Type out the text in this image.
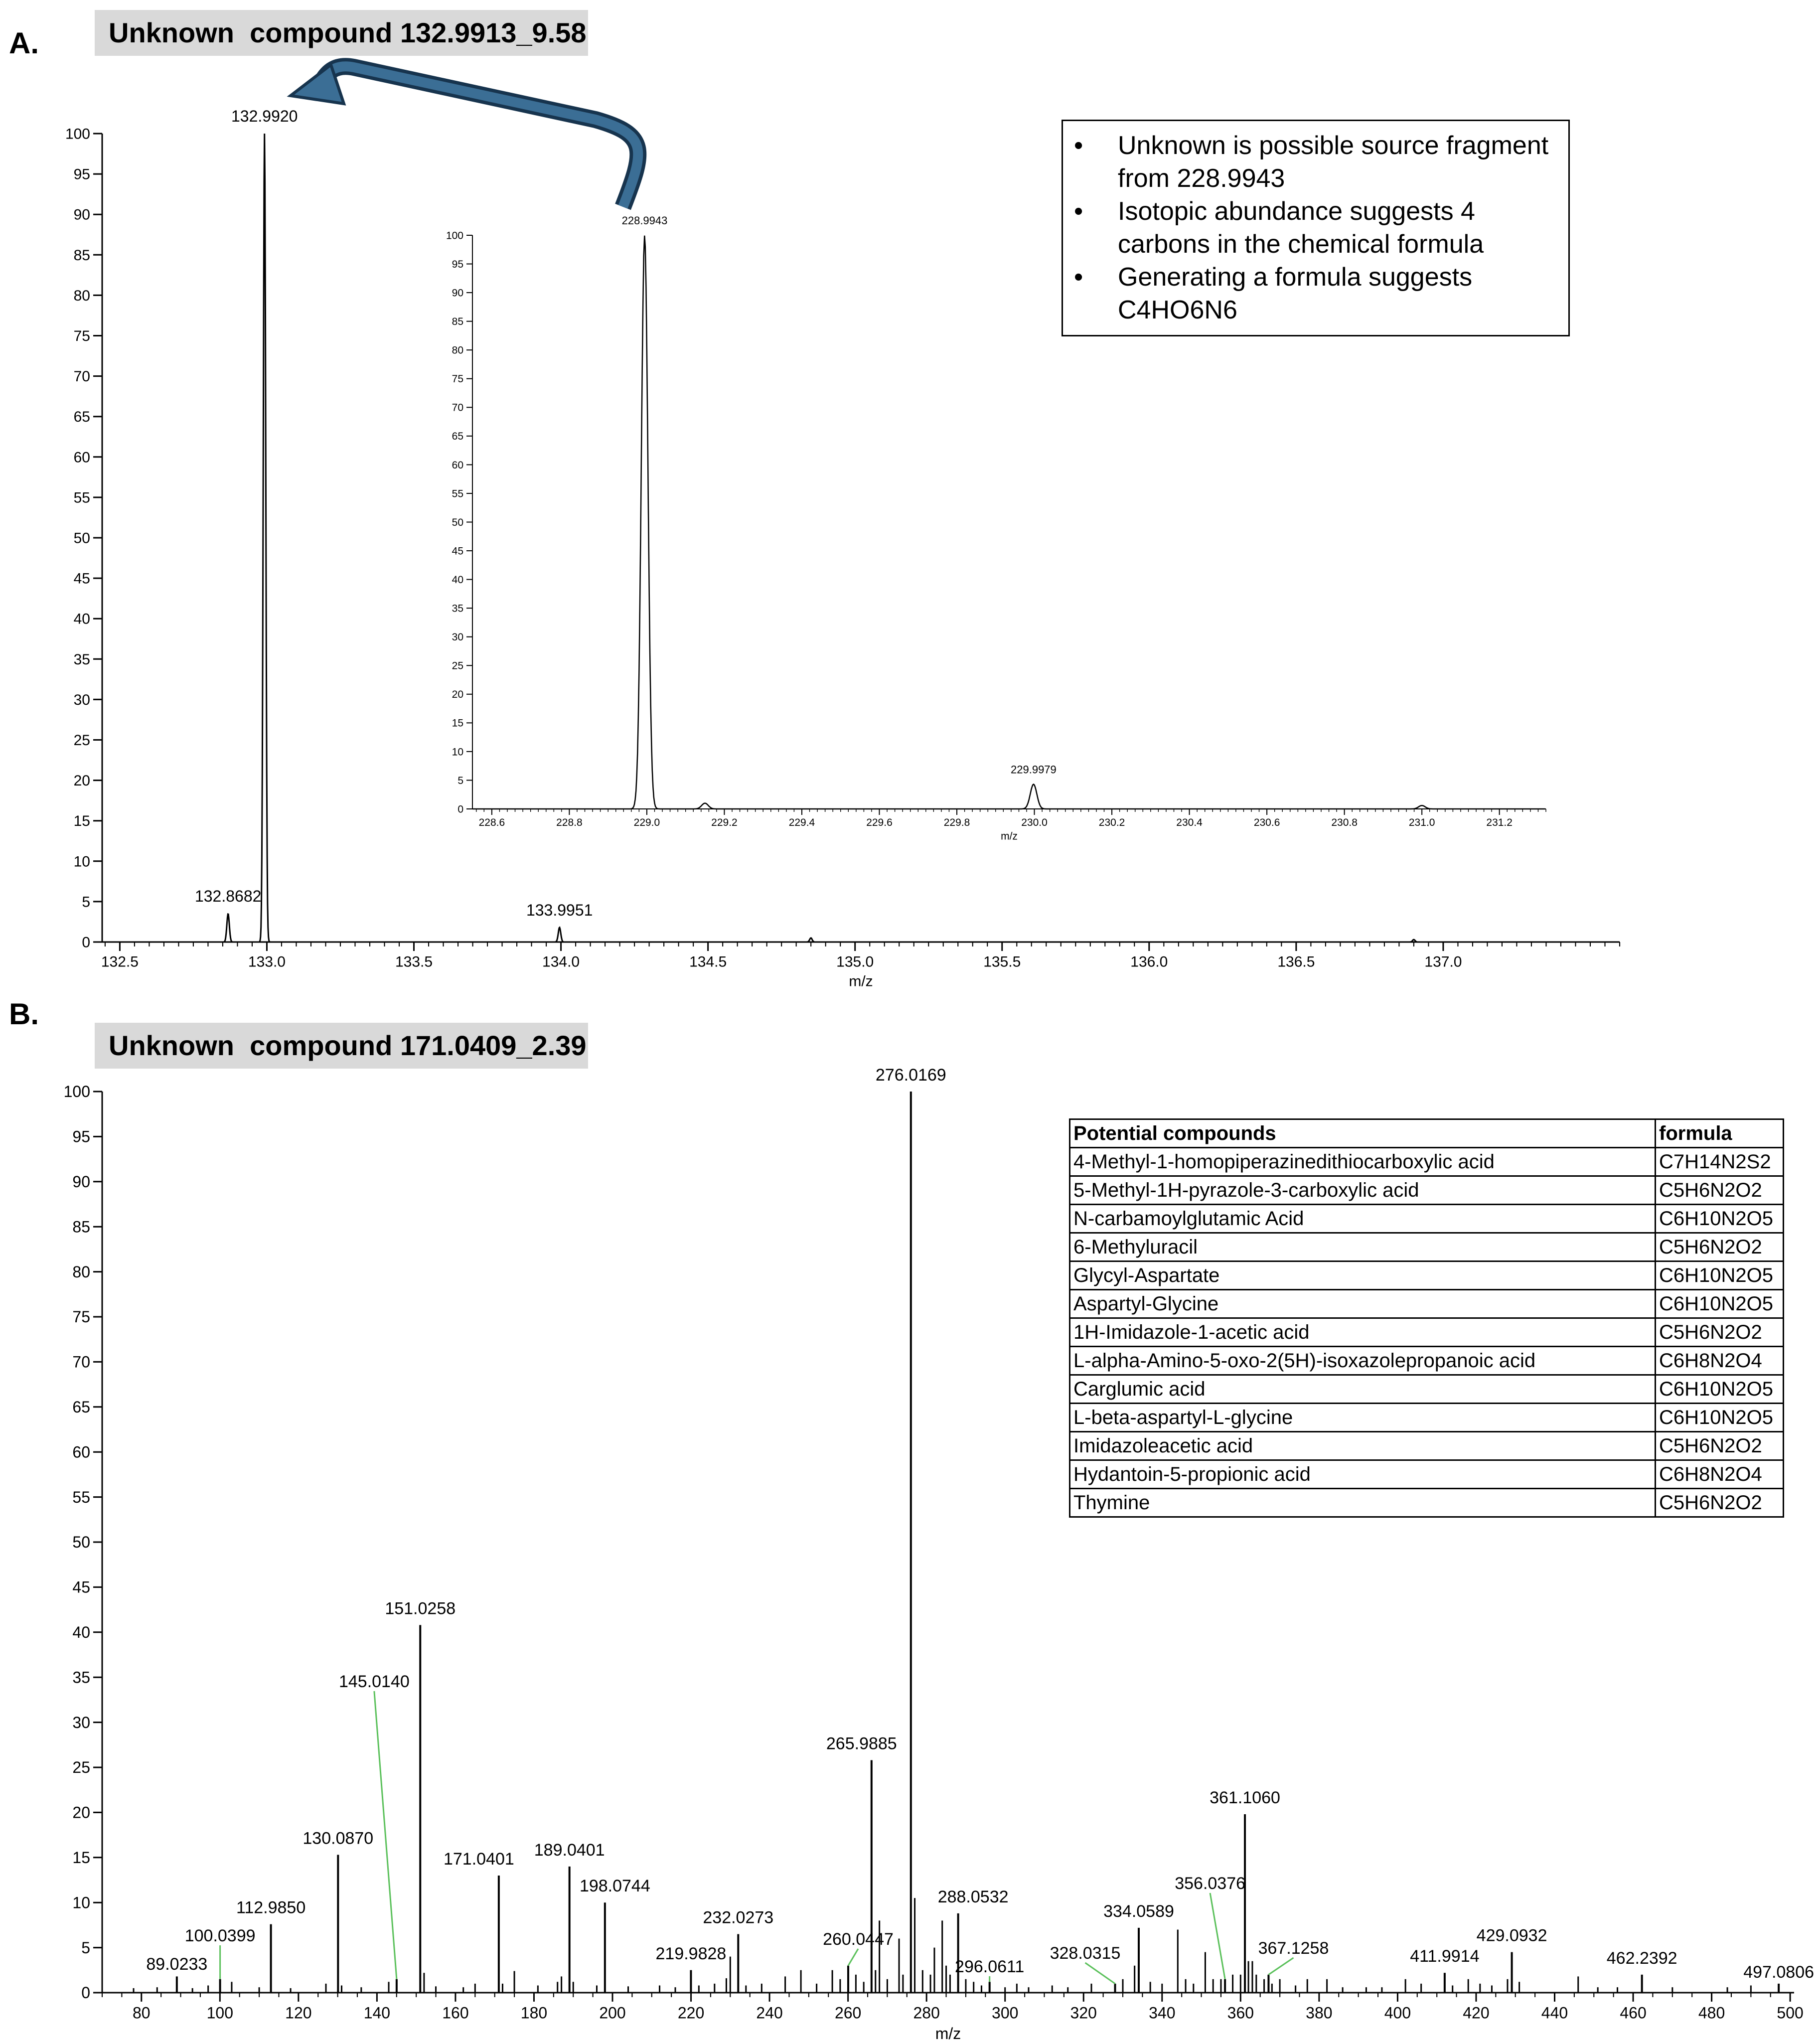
A.	Unknown  compound 132.9913_9.58
B.
Unknown  compound 171.0409_2.39
0
5
10
15
20
25
30
35
40
45
50
55
60
65
70
75
80
85
90
95
100
132.5	133.0	133.5	134.0	134.5	135.0	135.5	136.0	136.5	137.0
m/z
132.8682
132.9920
133.9951
0
5
10
15
20
25
30
35
40
45
50
55
60
65
70
75
80
85
90
95
100
228.6	228.8	229.0	229.2	229.4	229.6	229.8	230.0	230.2	230.4	230.6	230.8	231.0	231.2
m/z
228.9943
229.9979
0
5
10
15
20
25
30
35
40
45
50
55
60
65
70
75
80
85
90
95
100
80	100	120	140	160	180	200	220	240	260	280	300	320	340	360	380	400	420	440	460	480	500
m/z
89.0233
100.0399
112.9850
130.0870
145.0140
151.0258
171.0401 189.0401
198.0744
219.9828
232.0273
260.0447
265.9885
276.0169
288.0532
296.0611
328.0315
334.0589
356.0376
361.1060
367.1258	411.9914
429.0932
462.2392
497.0806
• Unknown is possible source fragment from 228.9943
• Isotopic abundance suggests 4 carbons in the chemical formula
• Generating a formula suggests C4HO6N6
Potential compounds	formula
4-Methyl-1-homopiperazinedithiocarboxylic acid	C7H14N2S2
5-Methyl-1H-pyrazole-3-carboxylic acid	C5H6N2O2
N-carbamoylglutamic Acid	C6H10N2O5
6-Methyluracil	C5H6N2O2
Glycyl-Aspartate	C6H10N2O5
Aspartyl-Glycine	C6H10N2O5
1H-Imidazole-1-acetic acid	C5H6N2O2
L-alpha-Amino-5-oxo-2(5H)-isoxazolepropanoic acid	C6H8N2O4
Carglumic acid	C6H10N2O5
L-beta-aspartyl-L-glycine	C6H10N2O5
Imidazoleacetic acid	C5H6N2O2
Hydantoin-5-propionic acid	C6H8N2O4
Thymine	C5H6N2O2
